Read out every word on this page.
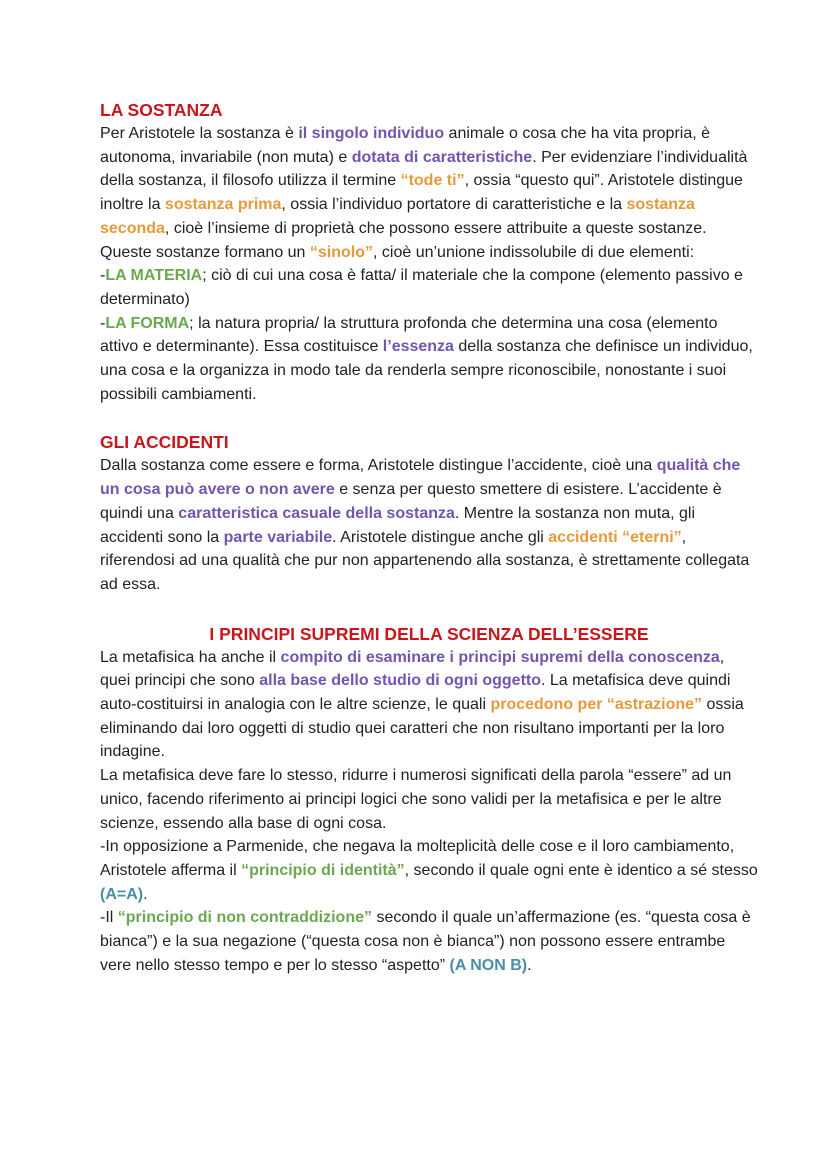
LA SOSTANZA

Per Aristotele la sostanza è il singolo individuo animale o cosa che ha vita propria, è autonoma, invariabile (non muta) e dotata di caratteristiche. Per evidenziare l’individualità della sostanza, il filosofo utilizza il termine “tode ti”, ossia “questo qui”. Aristotele distingue inoltre la sostanza prima, ossia l’individuo portatore di caratteristiche e la sostanza seconda, cioè l’insieme di proprietà che possono essere attribuite a queste sostanze. Queste sostanze formano un “sinolo”, cioè un’unione indissolubile di due elementi:
-LA MATERIA; ciò di cui una cosa è fatta/ il materiale che la compone (elemento passivo e determinato)
-LA FORMA; la natura propria/ la struttura profonda che determina una cosa (elemento attivo e determinante). Essa costituisce l’essenza della sostanza che definisce un individuo, una cosa e la organizza in modo tale da renderla sempre riconoscibile, nonostante i suoi possibili cambiamenti.

GLI ACCIDENTI

Dalla sostanza come essere e forma, Aristotele distingue l’accidente, cioè una qualità che un cosa può avere o non avere e senza per questo smettere di esistere. L’accidente è quindi una caratteristica casuale della sostanza. Mentre la sostanza non muta, gli accidenti sono la parte variabile. Aristotele distingue anche gli accidenti “eterni”, riferendosi ad una qualità che pur non appartenendo alla sostanza, è strettamente collegata ad essa.

I PRINCIPI SUPREMI DELLA SCIENZA DELL’ESSERE

La metafisica ha anche il compito di esaminare i principi supremi della conoscenza, quei principi che sono alla base dello studio di ogni oggetto. La metafisica deve quindi auto-costituirsi in analogia con le altre scienze, le quali procedono per “astrazione” ossia eliminando dai loro oggetti di studio quei caratteri che non risultano importanti per la loro indagine.
La metafisica deve fare lo stesso, ridurre i numerosi significati della parola “essere” ad un unico, facendo riferimento ai principi logici che sono validi per la metafisica e per le altre scienze, essendo alla base di ogni cosa.
-In opposizione a Parmenide, che negava la molteplicità delle cose e il loro cambiamento, Aristotele afferma il “principio di identità”, secondo il quale ogni ente è identico a sé stesso (A=A).
-Il “principio di non contraddizione” secondo il quale un’affermazione (es. “questa cosa è bianca”) e la sua negazione (“questa cosa non è bianca”) non possono essere entrambe vere nello stesso tempo e per lo stesso “aspetto” (A NON B).
